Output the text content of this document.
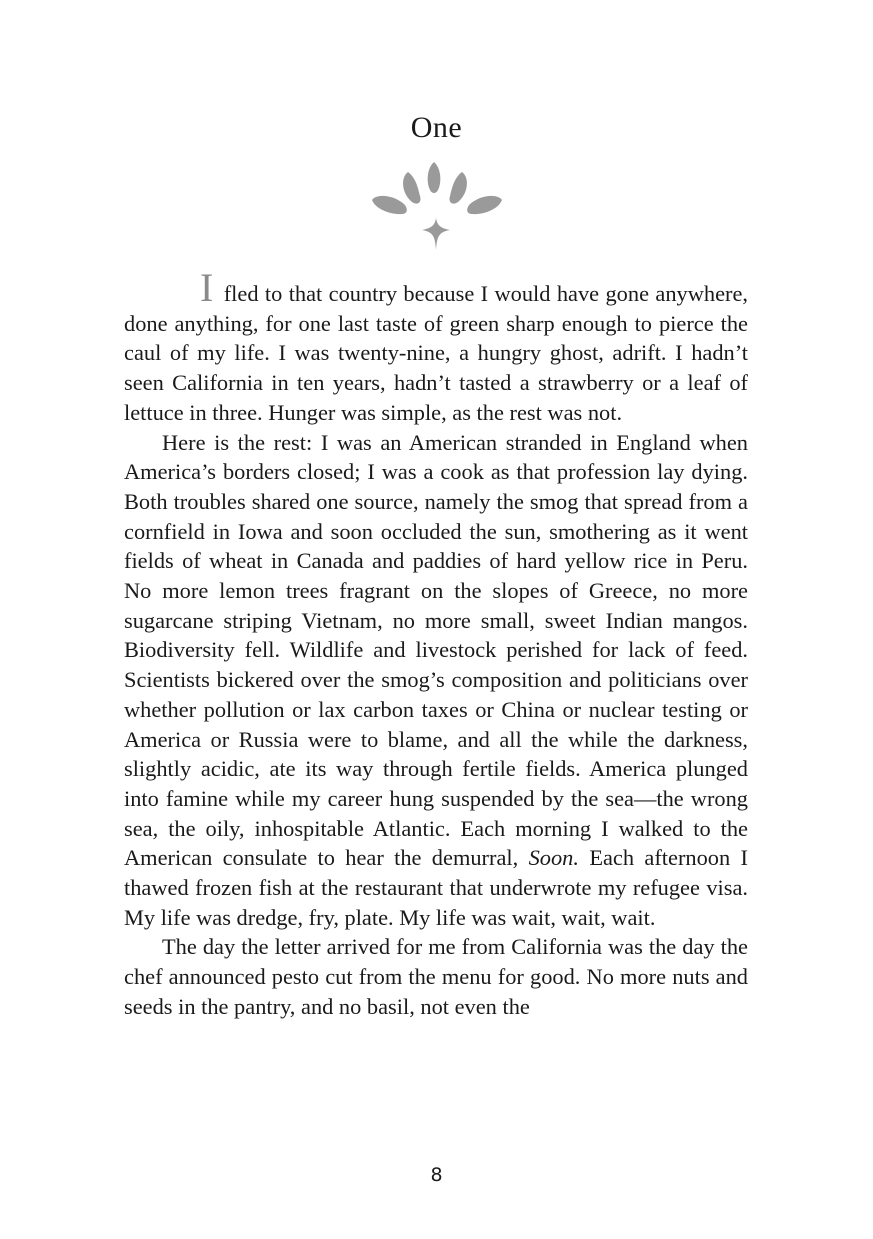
One

I fled to that country because I would have gone anywhere, done anything, for one last taste of green sharp enough to pierce the caul of my life. I was twenty-nine, a hungry ghost, adrift. I hadn’t seen California in ten years, hadn’t tasted a strawberry or a leaf of lettuce in three. Hunger was simple, as the rest was not.

Here is the rest: I was an American stranded in England when America’s borders closed; I was a cook as that profession lay dying. Both troubles shared one source, namely the smog that spread from a cornfield in Iowa and soon occluded the sun, smothering as it went fields of wheat in Canada and paddies of hard yellow rice in Peru. No more lemon trees fragrant on the slopes of Greece, no more sugarcane striping Vietnam, no more small, sweet Indian mangos. Biodiversity fell. Wildlife and livestock perished for lack of feed. Scientists bickered over the smog’s composition and politicians over whether pollution or lax carbon taxes or China or nuclear testing or America or Russia were to blame, and all the while the darkness, slightly acidic, ate its way through fertile fields. America plunged into famine while my career hung suspended by the sea—the wrong sea, the oily, inhospitable Atlantic. Each morning I walked to the American consulate to hear the demurral, Soon. Each afternoon I thawed frozen fish at the restaurant that underwrote my refugee visa. My life was dredge, fry, plate. My life was wait, wait, wait.

The day the letter arrived for me from California was the day the chef announced pesto cut from the menu for good. No more nuts and seeds in the pantry, and no basil, not even the

8
